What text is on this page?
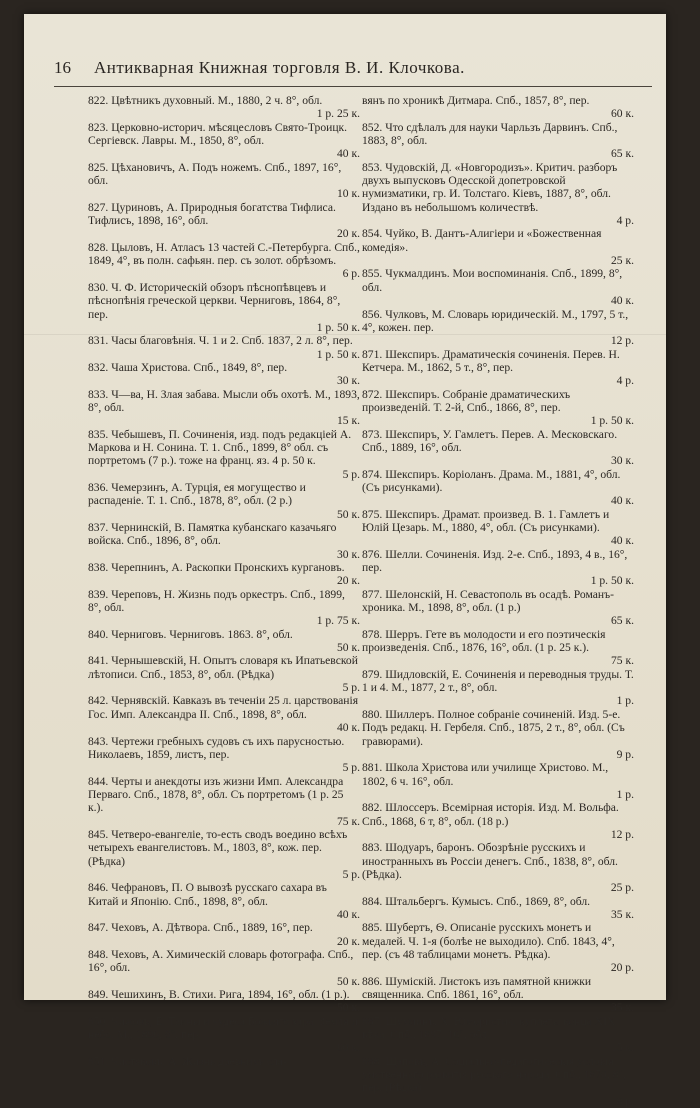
16	Антикварная Книжная торговля В. И. Клочкова.
822. Цвѣтникъ духовный. М., 1880, 2 ч. 8°, обл.
1 р. 25 к.
823. Церковно-историч. мѣсяцесловъ Свято-Троицк. Сергіевск. Лавры. М., 1850, 8°, обл.
40 к.
825. Цѣхановичъ, А. Подъ ножемъ. Спб., 1897, 16°, обл.
10 к.
827. Цуриновъ, А. Природныя богатства Тифлиса. Тифлисъ, 1898, 16°, обл.
20 к.
828. Цыловъ, Н. Атласъ 13 частей С.-Петербурга. Спб., 1849, 4°, въ полн. сафьян. пер. съ золот. обрѣзомъ.
6 р.
830. Ч. Ф. Историческій обзоръ пѣснопѣвцевъ и пѣснопѣнія греческой церкви. Черниговъ, 1864, 8°, пер.
1 р. 50 к.
831. Часы благовѣнія. Ч. 1 и 2. Спб. 1837, 2 л. 8°, пер.
1 р. 50 к.
832. Чаша Христова. Спб., 1849, 8°, пер.
30 к.
833. Ч—ва, Н. Злая забава. Мысли объ охотѣ. М., 1893, 8°, обл.
15 к.
835. Чебышевъ, П. Сочиненія, изд. подъ редакціей А. Маркова и Н. Сонина. Т. 1. Спб., 1899, 8° обл. съ портретомъ (7 р.). тоже на франц. яз. 4 р. 50 к.
5 р.
836. Чемерзинъ, А. Турція, ея могущество и распаденіе. Т. 1. Спб., 1878, 8°, обл. (2 р.)
50 к.
837. Чернинскій, В. Памятка кубанскаго казачьяго войска. Спб., 1896, 8°, обл.
30 к.
838. Черепнинъ, А. Раскопки Пронскихъ кургановъ.
20 к.
839. Череповъ, Н. Жизнь подъ оркестръ. Спб., 1899, 8°, обл.
1 р. 75 к.
840. Черниговъ. Черниговъ. 1863. 8°, обл.
50 к.
841. Чернышевскій, Н. Опытъ словаря къ Ипатьевской лѣтописи. Спб., 1853, 8°, обл. (Рѣдка)
5 р.
842. Чернявскій. Кавказъ въ теченіи 25 л. царствованія Гос. Имп. Александра II. Спб., 1898, 8°, обл.
40 к.
843. Чертежи гребныхъ судовъ съ ихъ парусностью. Николаевъ, 1859, листъ, пер.
5 р.
844. Черты и анекдоты изъ жизни Имп. Александра Перваго. Спб., 1878, 8°, обл. Съ портретомъ (1 р. 25 к.).
75 к.
845. Четверо-евангеліе, то-есть сводъ воедино всѣхъ четырехъ евангелистовъ. М., 1803, 8°, кож. пер. (Рѣдка)
5 р.
846. Чефрановъ, П. О вывозѣ русскаго сахара въ Китай и Японію. Спб., 1898, 8°, обл.
40 к.
847. Чеховъ, А. Дѣтвора. Спб., 1889, 16°, пер.
20 к.
848. Чеховъ, А. Химическій словарь фотографа. Спб., 16°, обл.
50 к.
849. Чешихинъ, В. Стихи. Рига, 1894, 16°, обл. (1 р.).
50 к.
850. Чижовъ, Е. Тайны и чудеса Божьяго міра. Земля и небо. М., 1896, 8°, пер.
60 к.
851. Чистяковъ, А. Жизнь древнихъ сла-
вянъ по хроникѣ Дитмара. Спб., 1857, 8°, пер.
60 к.
852. Что сдѣлалъ для науки Чарльзъ Дарвинъ. Спб., 1883, 8°, обл.
65 к.
853. Чудовскій, Д. «Новгородизъ». Критич. разборъ двухъ выпусковъ Одесской допетровской нумизматики, гр. И. Толстаго. Кіевъ, 1887, 8°, обл. Издано въ небольшомъ количествѣ.
4 р.
854. Чуйко, В. Дантъ-Алигіери и «Божественная комедія».
25 к.
855. Чукмалдинъ. Мои воспоминанія. Спб., 1899, 8°, обл.
40 к.
856. Чулковъ, М. Словарь юридическій. М., 1797, 5 т., 4°, кожен. пер.
12 р.
871. Шекспиръ. Драматическія сочиненія. Перев. Н. Кетчера. М., 1862, 5 т., 8°, пер.
4 р.
872. Шекспиръ. Собраніе драматическихъ произведеній. Т. 2-й, Спб., 1866, 8°, пер.
1 р. 50 к.
873. Шекспиръ, У. Гамлетъ. Перев. А. Месковскаго. Спб., 1889, 16°, обл.
30 к.
874. Шекспиръ. Коріоланъ. Драма. М., 1881, 4°, обл. (Съ рисунками).
40 к.
875. Шекспиръ. Драмат. произвед. В. 1. Гамлетъ и Юлій Цезарь. М., 1880, 4°, обл. (Съ рисунками).
40 к.
876. Шелли. Сочиненія. Изд. 2-е. Спб., 1893, 4 в., 16°, пер.
1 р. 50 к.
877. Шелонскій, Н. Севастополь въ осадѣ. Романъ-хроника. М., 1898, 8°, обл. (1 р.)
65 к.
878. Шерръ. Гете въ молодости и его поэтическія произведенія. Спб., 1876, 16°, обл. (1 р. 25 к.).
75 к.
879. Шидловскій, Е. Сочиненія и переводныя труды. Т. 1 и 4. М., 1877, 2 т., 8°, обл.
1 р.
880. Шиллеръ. Полное собраніе сочиненій. Изд. 5-е. Подъ редакц. Н. Гербеля. Спб., 1875, 2 т., 8°, обл. (Съ гравюрами).
9 р.
881. Школа Христова или училище Христово. М., 1802, 6 ч. 16°, обл.
1 р.
882. Шлоссеръ. Всемірная исторія. Изд. М. Вольфа. Спб., 1868, 6 т, 8°, обл. (18 р.)
12 р.
883. Шодуаръ, баронъ. Обозрѣніе русскихъ и иностранныхъ въ Россіи денегъ. Спб., 1838, 8°, обл. (Рѣдка).
25 р.
884. Штальбергъ. Кумысъ. Спб., 1869, 8°, обл.
35 к.
885. Шубертъ, Ѳ. Описаніе русскихъ монетъ и медалей. Ч. 1-я (болѣе не выходило). Спб. 1843, 4°, пер. (съ 48 таблицами монетъ. Рѣдка).
20 р.
886. Шуміскій. Листокъ изъ памятной книжки священника. Спб. 1861, 16°, обл.
35 к.
887. Шухминъ, Х. Юмористич. куплеты конца XIX вѣка. Спб., 1897. 16°, обл.
15 к.
888. Щаповъ, А. Соціально-педагогическія условія умственнаго развитія русскаго народа. Спб., 1870, 8°, пер. (Рѣдка)
8 р.
